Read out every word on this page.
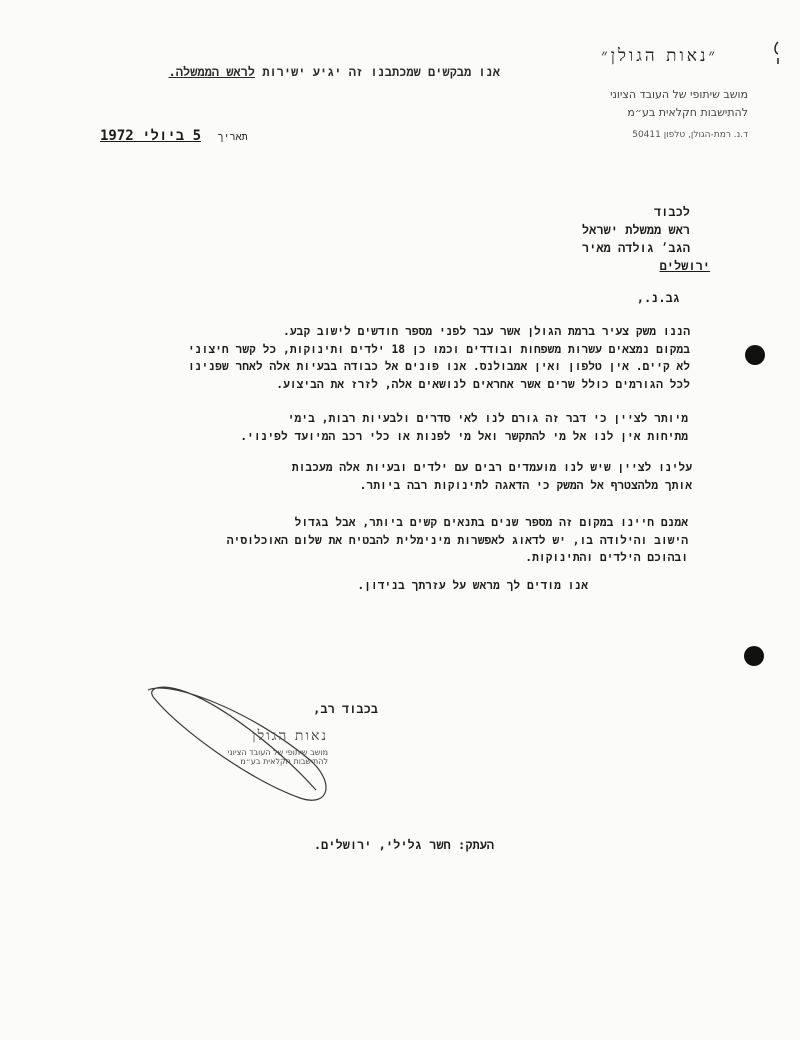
״נאות הגולן״
מושב שיתופי של העובד הציוני
להתישבות חקלאית בע״מ
ד.נ. רמת-הגולן, טלפון 50411
אנו מבקשים שמכתבנו זה יגיע ישירות לראש הממשלה.
תאריך 5 ביולי 1972
לכבוד
ראש ממשלת ישראל
הגב׳ גולדה מאיר
ירושלים
גב.נ.,
הננו משק צעיר ברמת הגולן אשר עבר לפני מספר חודשים לישוב קבע.
במקום נמצאים עשרות משפחות ובודדים וכמו כן 18 ילדים ותינוקות, כל קשר חיצוני
לא קיים. אין טלפון ואין אמבולנס. אנו פונים אל כבודה בבעיות אלה לאחר שפנינו
לכל הגורמים כולל שרים אשר אחראים לנושאים אלה, לזרז את הביצוע.
מיותר לציין כי דבר זה גורם לנו לאי סדרים ולבעיות רבות, בימי
מתיחות אין לנו אל מי להתקשר ואל מי לפנות או כלי רכב המיועד לפינוי.
עלינו לציין שיש לנו מועמדים רבים עם ילדים ובעיות אלה מעכבות
אותך מלהצטרף אל המשק כי הדאגה לתינוקות רבה ביותר.
אמנם חיינו במקום זה מספר שנים בתנאים קשים ביותר, אבל בגדול
הישוב והילודה בו, יש לדאוג לאפשרות מינימלית להבטיח את שלום האוכלוסיה
ובהוכם הילדים והתינוקות.
אנו מודים לך מראש על עזרתך בנידון.
בכבוד רב,
נאות הגולן
מושב שיתופי של העובד הציוני
להתישבות חקלאית בע״מ
העתק: חשר גלילי, ירושלים.
